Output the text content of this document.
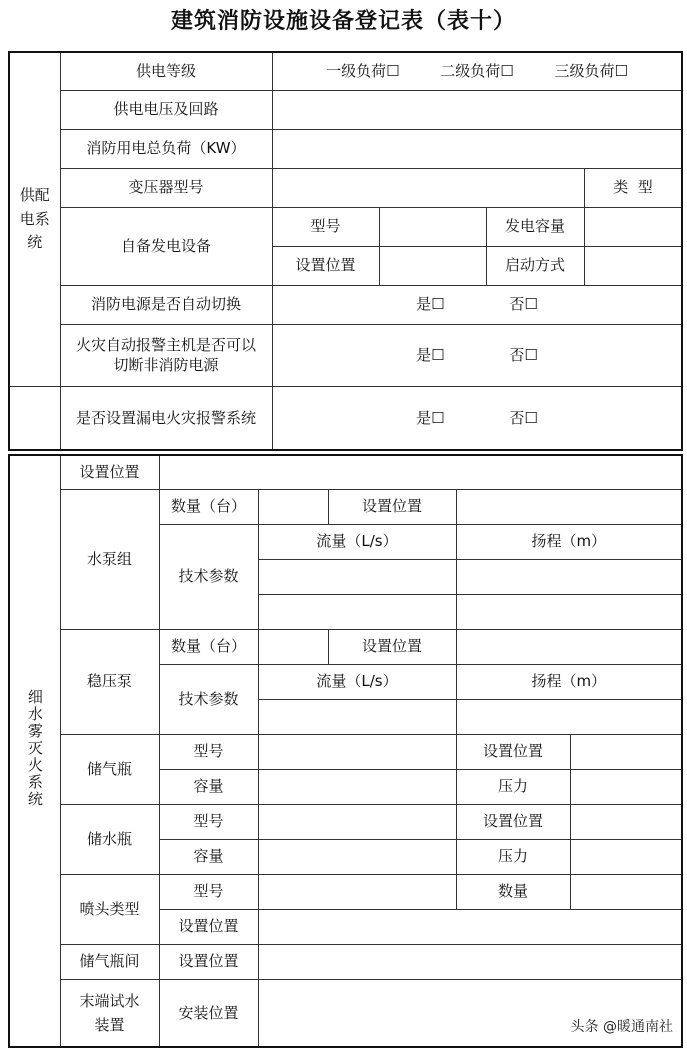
建筑消防设施设备登记表（表十）
供配电系统	供电等级	一级负荷☐ 二级负荷☐ 三级负荷☐				
	供电电压及回路					
	消防用电总负荷（KW）					
	变压器型号				类  型	
	自备发电设备	型号		发电容量		
		设置位置		启动方式		
	消防电源是否自动切换	是☐ 否☐				

	火灾自动报警主机是否可以切断非消防电源	是☐ 否☐				

	是否设置漏电火灾报警系统	是☐ 否☐				
细水雾灭火系统	设置位置					
	水泵组	数量（台）		设置位置		
		技术参数	流量（L/s）		扬程（m）	

	稳压泵	数量（台）		设置位置		
		技术参数	流量（L/s）		扬程（m）	

	储气瓶	型号			设置位置	
		容量			压力	
	储水瓶	型号			设置位置	
		容量			压力	
	喷头类型	型号			数量	
		设置位置				
	储气瓶间	设置位置				

	末端试水装置	安装位置				
头条 @暖通南社
